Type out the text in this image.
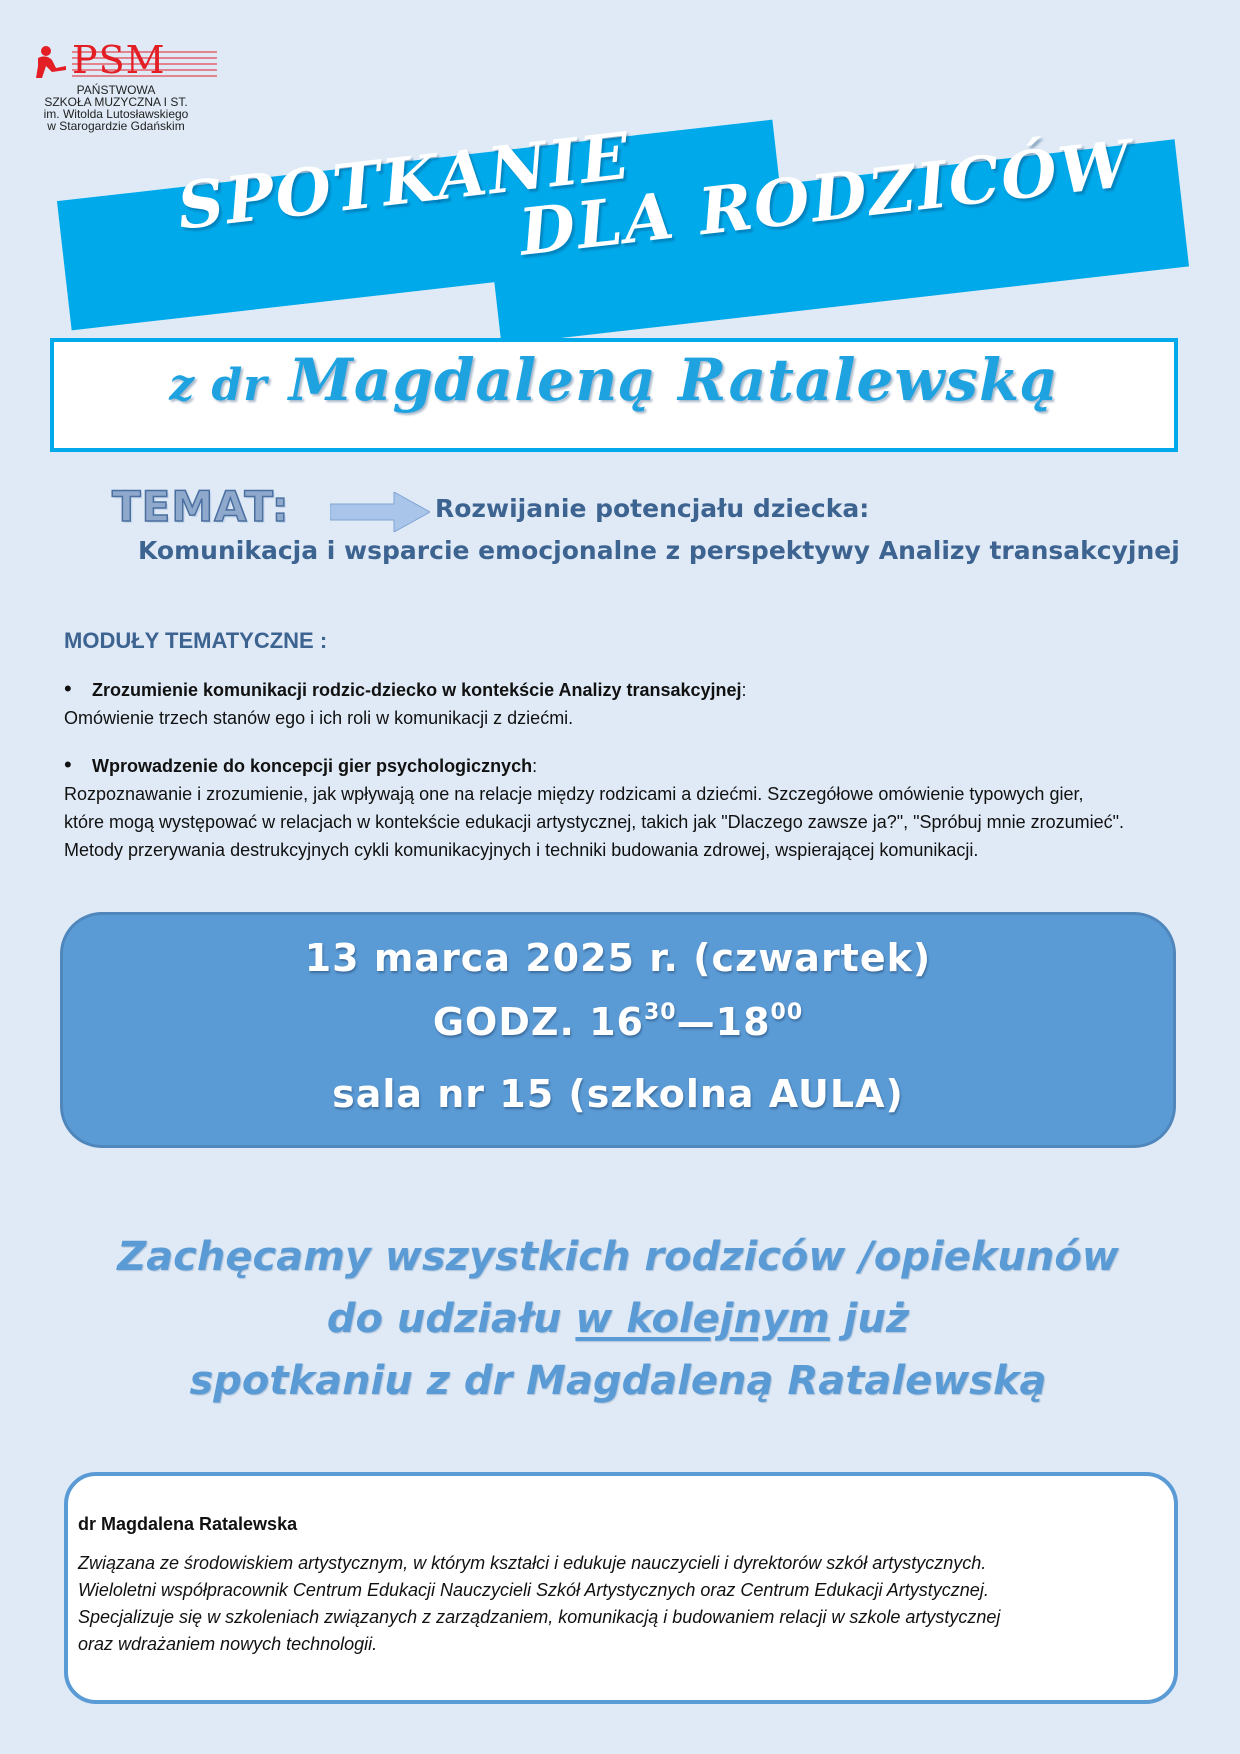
PSM
PAŃSTWOWA
SZKOŁA MUZYCZNA I ST.
im. Witolda Lutosławskiego
w Starogardzie Gdańskim
SPOTKANIE
DLA RODZICÓW
z dr Magdaleną Ratalewską
TEMAT:	Rozwijanie potencjału dziecka:
Komunikacja i wsparcie emocjonalne z perspektywy Analizy transakcyjnej
MODUŁY TEMATYCZNE :
•Zrozumienie komunikacji rodzic-dziecko w kontekście Analizy transakcyjnej:
Omówienie trzech stanów ego i ich roli w komunikacji z dziećmi.
•Wprowadzenie do koncepcji gier psychologicznych:
Rozpoznawanie i zrozumienie, jak wpływają one na relacje między rodzicami a dziećmi. Szczegółowe omówienie typowych gier,
które mogą występować w relacjach w kontekście edukacji artystycznej, takich jak "Dlaczego zawsze ja?", "Spróbuj mnie zrozumieć".
Metody przerywania destrukcyjnych cykli komunikacyjnych i techniki budowania zdrowej, wspierającej komunikacji.
13 marca 2025 r. (czwartek)
GODZ. $16^{30}—18^{00}$
sala nr 15 (szkolna AULA)
Zachęcamy wszystkich rodziców /opiekunów
do udziału w kolejnym już
spotkaniu z dr Magdaleną Ratalewską
dr Magdalena Ratalewska
Związana ze środowiskiem artystycznym, w którym kształci i edukuje nauczycieli i dyrektorów szkół artystycznych.
Wieloletni współpracownik Centrum Edukacji Nauczycieli Szkół Artystycznych oraz Centrum Edukacji Artystycznej.
Specjalizuje się w szkoleniach związanych z zarządzaniem, komunikacją i budowaniem relacji w szkole artystycznej
oraz wdrażaniem nowych technologii.
